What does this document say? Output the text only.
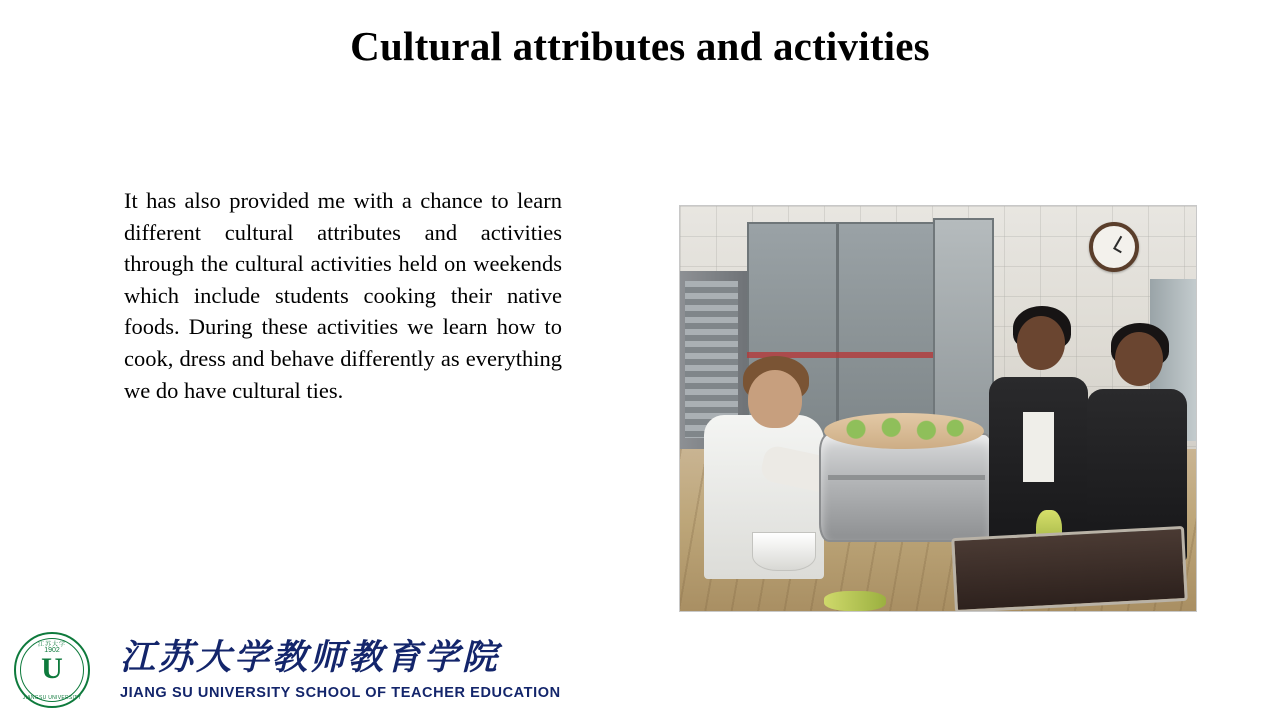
Cultural attributes and activities
It has also provided me with a chance to learn different cultural attributes and activities through the cultural activities held on weekends which include students cooking their native foods. During these activities we learn how to cook, dress and behave differently as everything we do have cultural ties.
江苏大学
1902
U
JIANGSU UNIVERSITY
江苏大学教师教育学院
JIANG SU UNIVERSITY SCHOOL OF TEACHER EDUCATION
